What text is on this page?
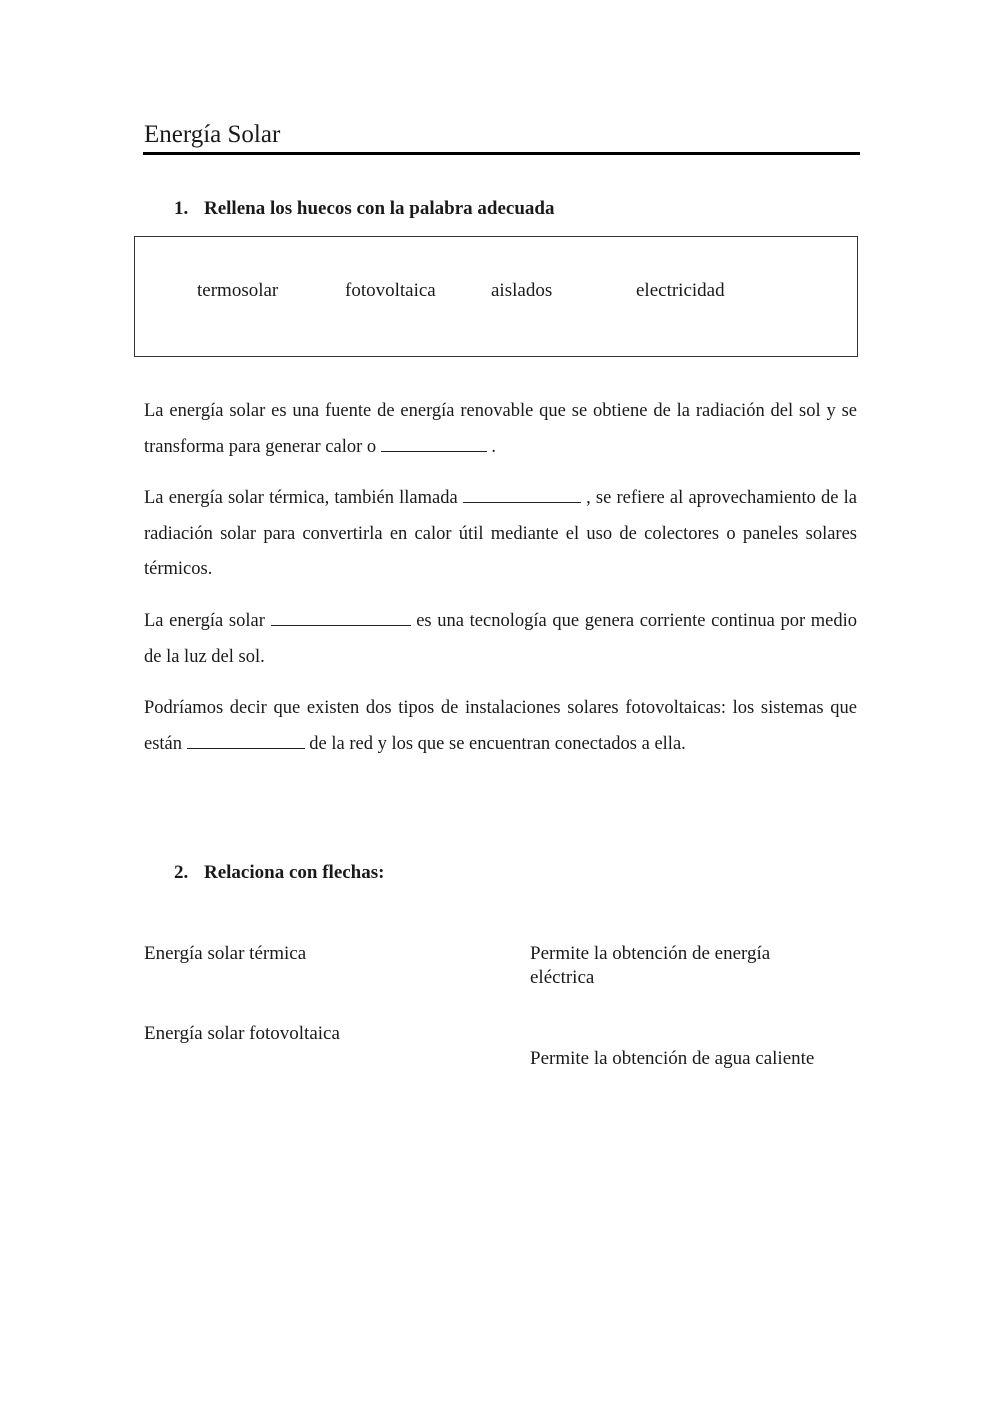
Energía Solar
1. Rellena los huecos con la palabra adecuada
termosolar	fotovoltaica	aislados	electricidad

La energía solar es una fuente de energía renovable que se obtiene de la radiación del sol y se transforma para generar calor o	.

La energía solar térmica, también llamada	, se refiere al aprovechamiento de la radiación solar para convertirla en calor útil mediante el uso de colectores o paneles solares térmicos.

La energía solar	es una tecnología que genera corriente continua por medio de la luz del sol.

Podríamos decir que existen dos tipos de instalaciones solares fotovoltaicas: los sistemas que están	de la red y los que se encuentran conectados a ella.

2. Relaciona con flechas:
Energía solar térmica
Energía solar fotovoltaica
Permite la obtención de energía eléctrica
Permite la obtención de agua caliente
